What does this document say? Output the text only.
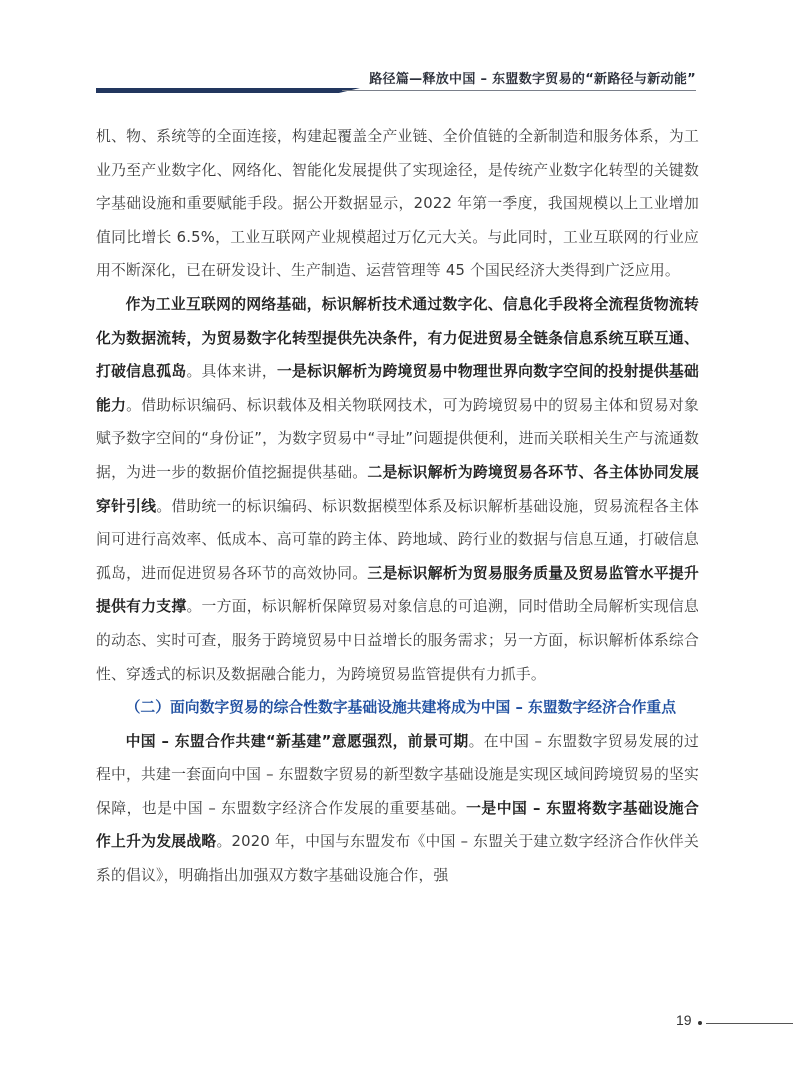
路径篇—释放中国 – 东盟数字贸易的“新路径与新动能”

机、物、系统等的全面连接，构建起覆盖全产业链、全价值链的全新制造和服务体系，为工业乃至产业数字化、网络化、智能化发展提供了实现途径，是传统产业数字化转型的关键数字基础设施和重要赋能手段。据公开数据显示，2022 年第一季度，我国规模以上工业增加值同比增长 6.5%，工业互联网产业规模超过万亿元大关。与此同时，工业互联网的行业应用不断深化，已在研发设计、生产制造、运营管理等 45 个国民经济大类得到广泛应用。

作为工业互联网的网络基础，标识解析技术通过数字化、信息化手段将全流程货物流转化为数据流转，为贸易数字化转型提供先决条件，有力促进贸易全链条信息系统互联互通、打破信息孤岛。具体来讲，一是标识解析为跨境贸易中物理世界向数字空间的投射提供基础能力。借助标识编码、标识载体及相关物联网技术，可为跨境贸易中的贸易主体和贸易对象赋予数字空间的“身份证”，为数字贸易中“寻址”问题提供便利，进而关联相关生产与流通数据，为进一步的数据价值挖掘提供基础。二是标识解析为跨境贸易各环节、各主体协同发展穿针引线。借助统一的标识编码、标识数据模型体系及标识解析基础设施，贸易流程各主体间可进行高效率、低成本、高可靠的跨主体、跨地域、跨行业的数据与信息互通，打破信息孤岛，进而促进贸易各环节的高效协同。三是标识解析为贸易服务质量及贸易监管水平提升提供有力支撑。一方面，标识解析保障贸易对象信息的可追溯，同时借助全局解析实现信息的动态、实时可查，服务于跨境贸易中日益增长的服务需求；另一方面，标识解析体系综合性、穿透式的标识及数据融合能力，为跨境贸易监管提供有力抓手。

（二）面向数字贸易的综合性数字基础设施共建将成为中国 – 东盟数字经济合作重点

中国 – 东盟合作共建“新基建”意愿强烈，前景可期。在中国 – 东盟数字贸易发展的过程中，共建一套面向中国 – 东盟数字贸易的新型数字基础设施是实现区域间跨境贸易的坚实保障，也是中国 – 东盟数字经济合作发展的重要基础。一是中国 – 东盟将数字基础设施合作上升为发展战略。2020 年，中国与东盟发布《中国 – 东盟关于建立数字经济合作伙伴关系的倡议》，明确指出加强双方数字基础设施合作，强

19
